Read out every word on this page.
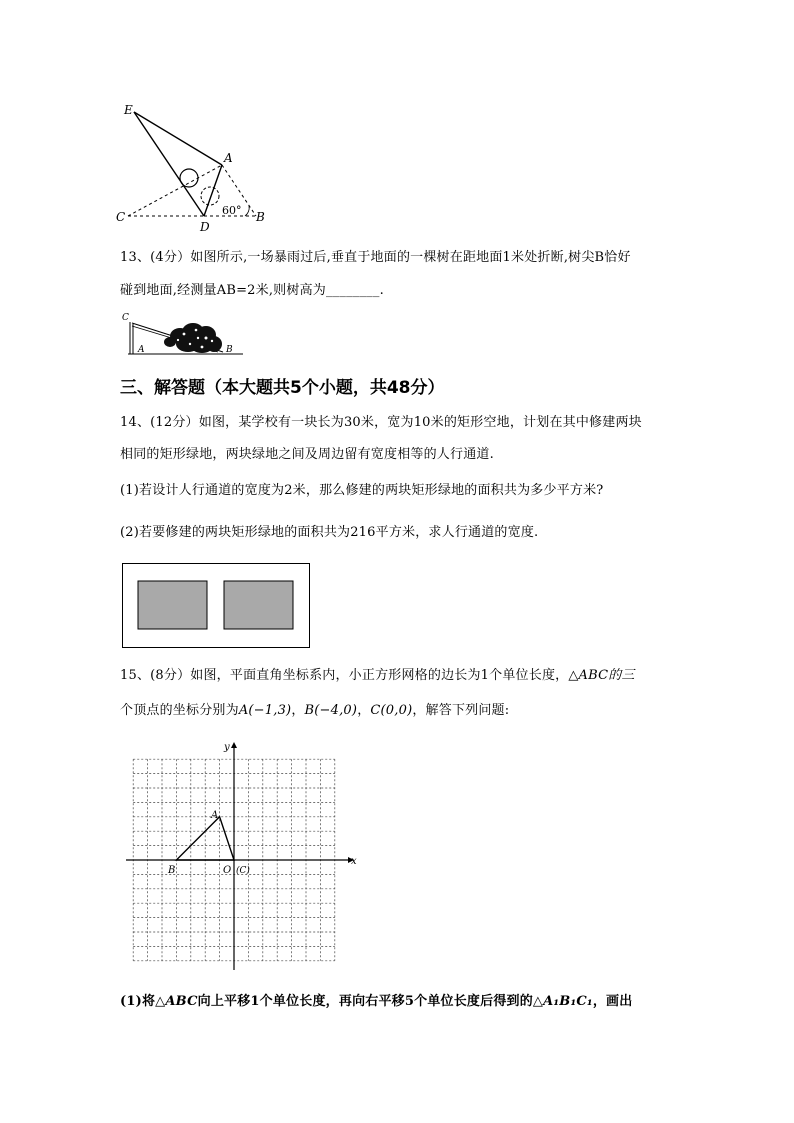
E
A
C
D
B
60°
13、(4分）如图所示,一场暴雨过后,垂直于地面的一棵树在距地面1米处折断,树尖B恰好
碰到地面,经测量AB=2米,则树高为________.
C
A	B
三、解答题（本大题共5个小题，共48分）
14、(12分）如图，某学校有一块长为30米，宽为10米的矩形空地，计划在其中修建两块
相同的矩形绿地，两块绿地之间及周边留有宽度相等的人行通道.
(1)若设计人行通道的宽度为2米，那么修建的两块矩形绿地的面积共为多少平方米?
(2)若要修建的两块矩形绿地的面积共为216平方米，求人行通道的宽度.
15、(8分）如图，平面直角坐标系内，小正方形网格的边长为1个单位长度，△ABC的三
个顶点的坐标分别为A(−1,3)，B(−4,0)，C(0,0)，解答下列问题:
x
y
A
B	O (C)
(1)将△ABC向上平移1个单位长度，再向右平移5个单位长度后得到的△A₁B₁C₁，画出
